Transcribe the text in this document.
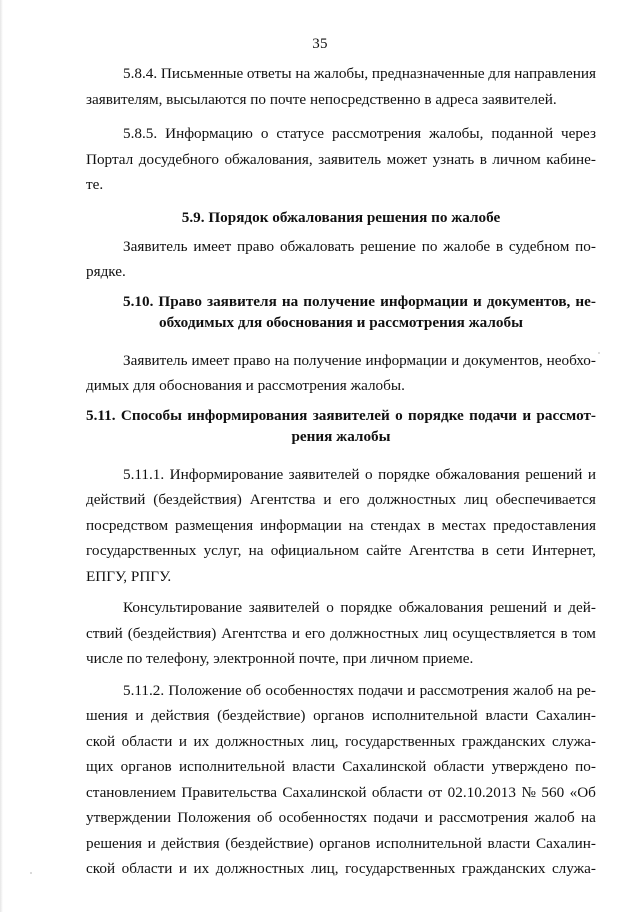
35
5.8.4. Письменные ответы на жалобы, предназначенные для направления
заявителям, высылаются по почте непосредственно в адреса заявителей.
5.8.5. Информацию о статусе рассмотрения жалобы, поданной через
Портал досудебного обжалования, заявитель может узнать в личном кабине-
те.
5.9. Порядок обжалования решения по жалобе
Заявитель имеет право обжаловать решение по жалобе в судебном по-
рядке.
5.10. Право заявителя на получение информации и документов, не-
обходимых для обоснования и рассмотрения жалобы
Заявитель имеет право на получение информации и документов, необхо-
димых для обоснования и рассмотрения жалобы.
5.11. Способы информирования заявителей о порядке подачи и рассмот-
рения жалобы
5.11.1. Информирование заявителей о порядке обжалования решений и
действий (бездействия) Агентства и его должностных лиц обеспечивается
посредством размещения информации на стендах в местах предоставления
государственных услуг, на официальном сайте Агентства в сети Интернет,
ЕПГУ, РПГУ.
Консультирование заявителей о порядке обжалования решений и дей-
ствий (бездействия) Агентства и его должностных лиц осуществляется в том
числе по телефону, электронной почте, при личном приеме.
5.11.2. Положение об особенностях подачи и рассмотрения жалоб на ре-
шения и действия (бездействие) органов исполнительной власти Сахалин-
ской области и их должностных лиц, государственных гражданских служа-
щих органов исполнительной власти Сахалинской области утверждено по-
становлением Правительства Сахалинской области от 02.10.2013 № 560 «Об
утверждении Положения об особенностях подачи и рассмотрения жалоб на
решения и действия (бездействие) органов исполнительной власти Сахалин-
ской области и их должностных лиц, государственных гражданских служа-
